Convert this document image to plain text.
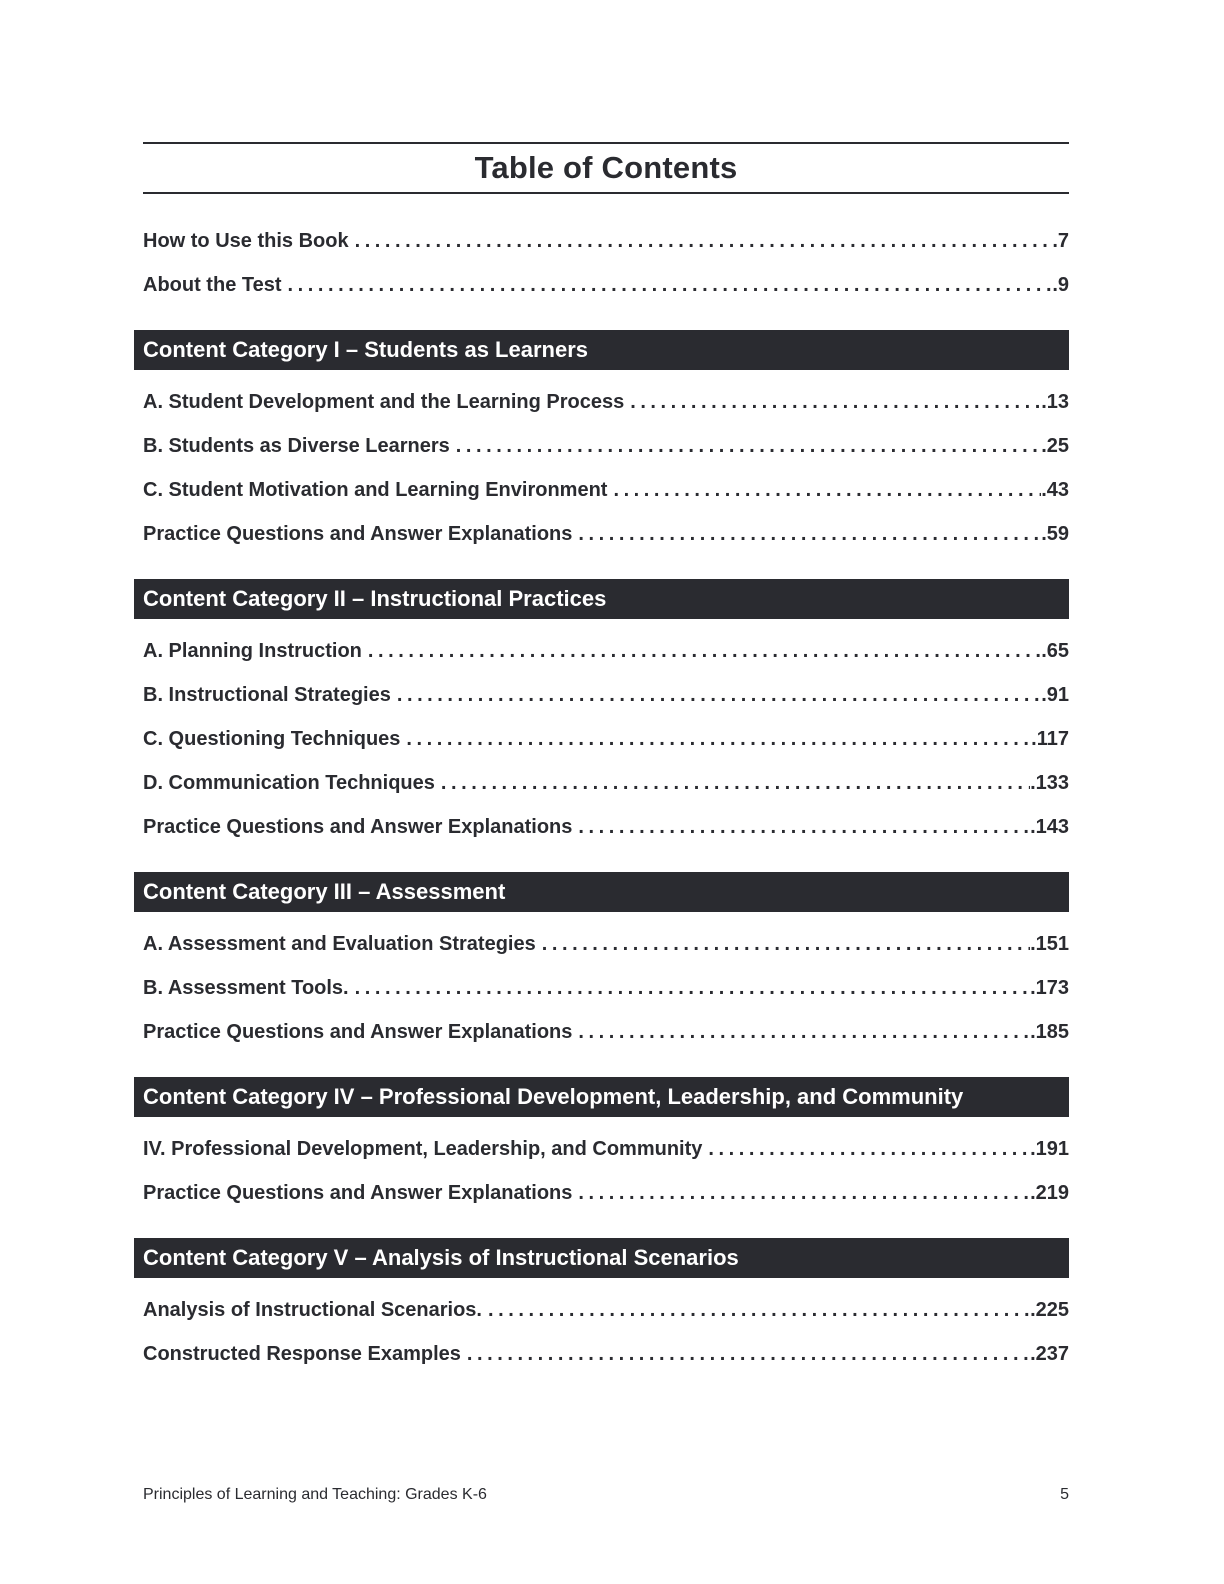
Table of Contents
How to Use this Book . . .	.7
About the Test . . .	.9
Content Category I – Students as Learners
A. Student Development and the Learning Process . . .	.13
B. Students as Diverse Learners . . .	.25
C. Student Motivation and Learning Environment . . .	.43
Practice Questions and Answer Explanations . . .	.59
Content Category II – Instructional Practices
A. Planning Instruction . . .	.65
B. Instructional Strategies . . .	.91
C. Questioning Techniques . . .	.117
D. Communication Techniques . . .	.133
Practice Questions and Answer Explanations . . .	.143
Content Category III – Assessment
A. Assessment and Evaluation Strategies . . .	.151
B. Assessment Tools. . . .	.173
Practice Questions and Answer Explanations . . .	.185
Content Category IV – Professional Development, Leadership, and Community
IV. Professional Development, Leadership, and Community . . .	.191
Practice Questions and Answer Explanations . . .	.219
Content Category V – Analysis of Instructional Scenarios
Analysis of Instructional Scenarios. . . .	.225
Constructed Response Examples . . .	.237
Principles of Learning and Teaching: Grades K-6	5
